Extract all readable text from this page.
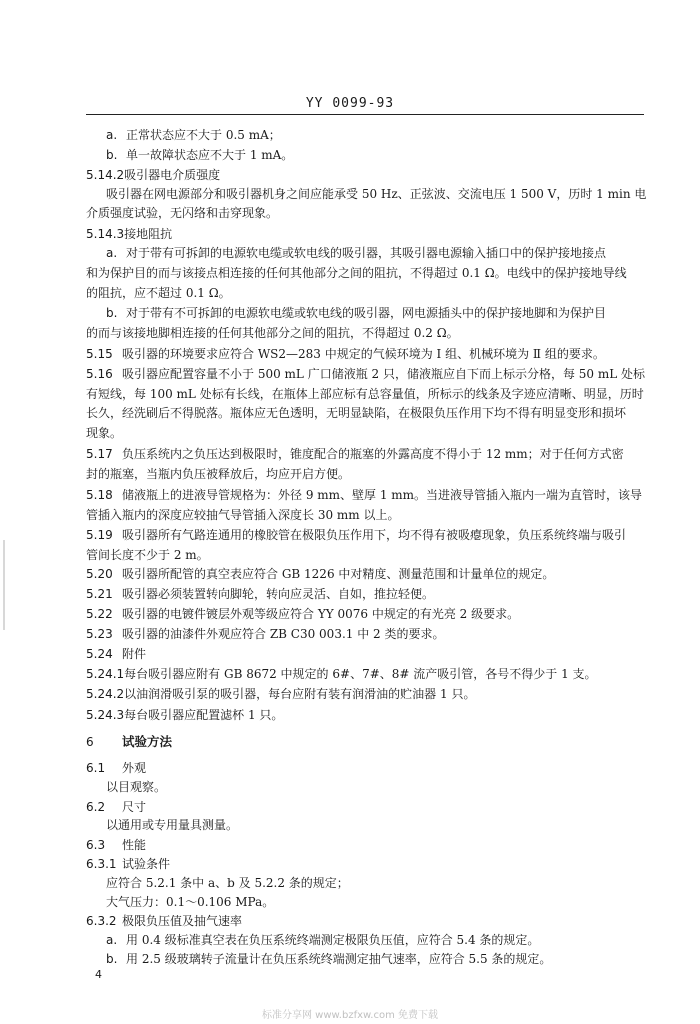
YY 0099-93
a. 正常状态应不大于 0.5 mA；
b. 单一故障状态应不大于 1 mA。
5.14.2吸引器电介质强度
吸引器在网电源部分和吸引器机身之间应能承受 50 Hz、正弦波、交流电压 1 500 V，历时 1 min 电
介质强度试验，无闪络和击穿现象。
5.14.3接地阻抗
a. 对于带有可拆卸的电源软电缆或软电线的吸引器，其吸引器电源输入插口中的保护接地接点
和为保护目的而与该接点相连接的任何其他部分之间的阻抗，不得超过 0.1 Ω。电线中的保护接地导线
的阻抗，应不超过 0.1 Ω。
b. 对于带有不可拆卸的电源软电缆或软电线的吸引器，网电源插头中的保护接地脚和为保护目
的而与该接地脚相连接的任何其他部分之间的阻抗，不得超过 0.2 Ω。
5.15 吸引器的环境要求应符合 WS2—283 中规定的气候环境为 I 组、机械环境为 Ⅱ 组的要求。
5.16 吸引器应配置容量不小于 500 mL 广口储液瓶 2 只，储液瓶应自下而上标示分格，每 50 mL 处标
有短线，每 100 mL 处标有长线，在瓶体上部应标有总容量值，所标示的线条及字迹应清晰、明显，历时
长久，经洗刷后不得脱落。瓶体应无色透明，无明显缺陷，在极限负压作用下均不得有明显变形和损坏
现象。
5.17 负压系统内之负压达到极限时，锥度配合的瓶塞的外露高度不得小于 12 mm；对于任何方式密
封的瓶塞，当瓶内负压被释放后，均应开启方便。
5.18 储液瓶上的进液导管规格为：外径 9 mm、壁厚 1 mm。当进液导管插入瓶内一端为直管时，该导
管插入瓶内的深度应较抽气导管插入深度长 30 mm 以上。
5.19 吸引器所有气路连通用的橡胶管在极限负压作用下，均不得有被吸瘪现象，负压系统终端与吸引
管间长度不少于 2 m。
5.20 吸引器所配管的真空表应符合 GB 1226 中对精度、测量范围和计量单位的规定。
5.21 吸引器必须装置转向脚轮，转向应灵活、自如，推拉轻便。
5.22 吸引器的电镀件镀层外观等级应符合 YY 0076 中规定的有光亮 2 级要求。
5.23 吸引器的油漆件外观应符合 ZB C30 003.1 中 2 类的要求。
5.24 附件
5.24.1每台吸引器应附有 GB 8672 中规定的 6#、7#、8# 流产吸引管，各号不得少于 1 支。
5.24.2以油润滑吸引泵的吸引器，每台应附有装有润滑油的贮油器 1 只。
5.24.3每台吸引器应配置滤杯 1 只。
6 试验方法
6.1 外观
以目观察。
6.2 尺寸
以通用或专用量具测量。
6.3 性能
6.3.1 试验条件
应符合 5.2.1 条中 a、b 及 5.2.2 条的规定；
大气压力：0.1～0.106 MPa。
6.3.2 极限负压值及抽气速率
a. 用 0.4 级标准真空表在负压系统终端测定极限负压值，应符合 5.4 条的规定。
b. 用 2.5 级玻璃转子流量计在负压系统终端测定抽气速率，应符合 5.5 条的规定。
4
标准分享网 www.bzfxw.com 免费下载
